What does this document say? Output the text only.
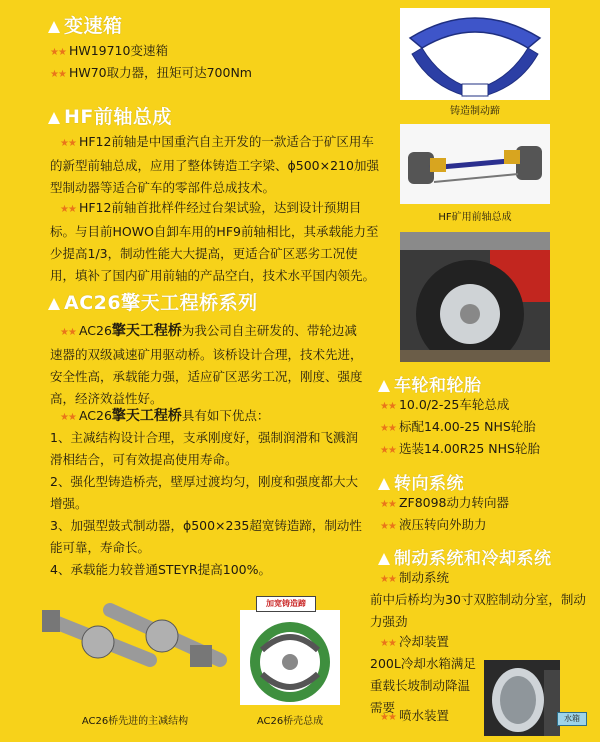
变速箱
★★ HW19710变速箱
★★ HW70取力器，扭矩可达700Nm
HF前轴总成
★★ HF12前轴是中国重汽自主开发的一款适合于矿区用车的新型前轴总成，应用了整体铸造工字梁、ϕ500×210加强型制动器等适合矿车的零部件总成技术。
★★ HF12前轴首批样件经过台架试验，达到设计预期目标。与目前HOWO自卸车用的HF9前轴相比，其承载能力至少提高1/3，制动性能大大提高，更适合矿区恶劣工况使用，填补了国内矿用前轴的产品空白，技术水平国内领先。
AC26擎天工程桥系列
★★ AC26擎天工程桥为我公司自主研发的、带轮边减速器的双级减速矿用驱动桥。该桥设计合理，技术先进，安全性高，承载能力强，适应矿区恶劣工况，刚度、强度高，经济效益性好。
★★ AC26擎天工程桥具有如下优点：
1、主减结构设计合理，支承刚度好，强制润滑和飞溅润滑相结合，可有效提高使用寿命。
2、强化型铸造桥壳，壁厚过渡均匀，刚度和强度都大大增强。
3、加强型鼓式制动器，ϕ500×235超宽铸造蹄，制动性能可靠，寿命长。
4、承载能力较普通STEYR提高100%。
铸造制动蹄
HF矿用前轴总成
车轮和轮胎
★★ 10.0/2-25车轮总成
★★ 标配14.00-25 NHS轮胎
★★ 选装14.00R25 NHS轮胎
转向系统
★★ ZF8098动力转向器
★★ 液压转向外助力
制动系统和冷却系统
★★ 制动系统
前中后桥均为30寸双腔制动分室，制动力强劲
★★ 冷却装置
200L冷却水箱满足重载长坡制动降温需要
★★ 喷水装置	水箱
AC26桥先进的主减结构
加宽铸造蹄
AC26桥壳总成
